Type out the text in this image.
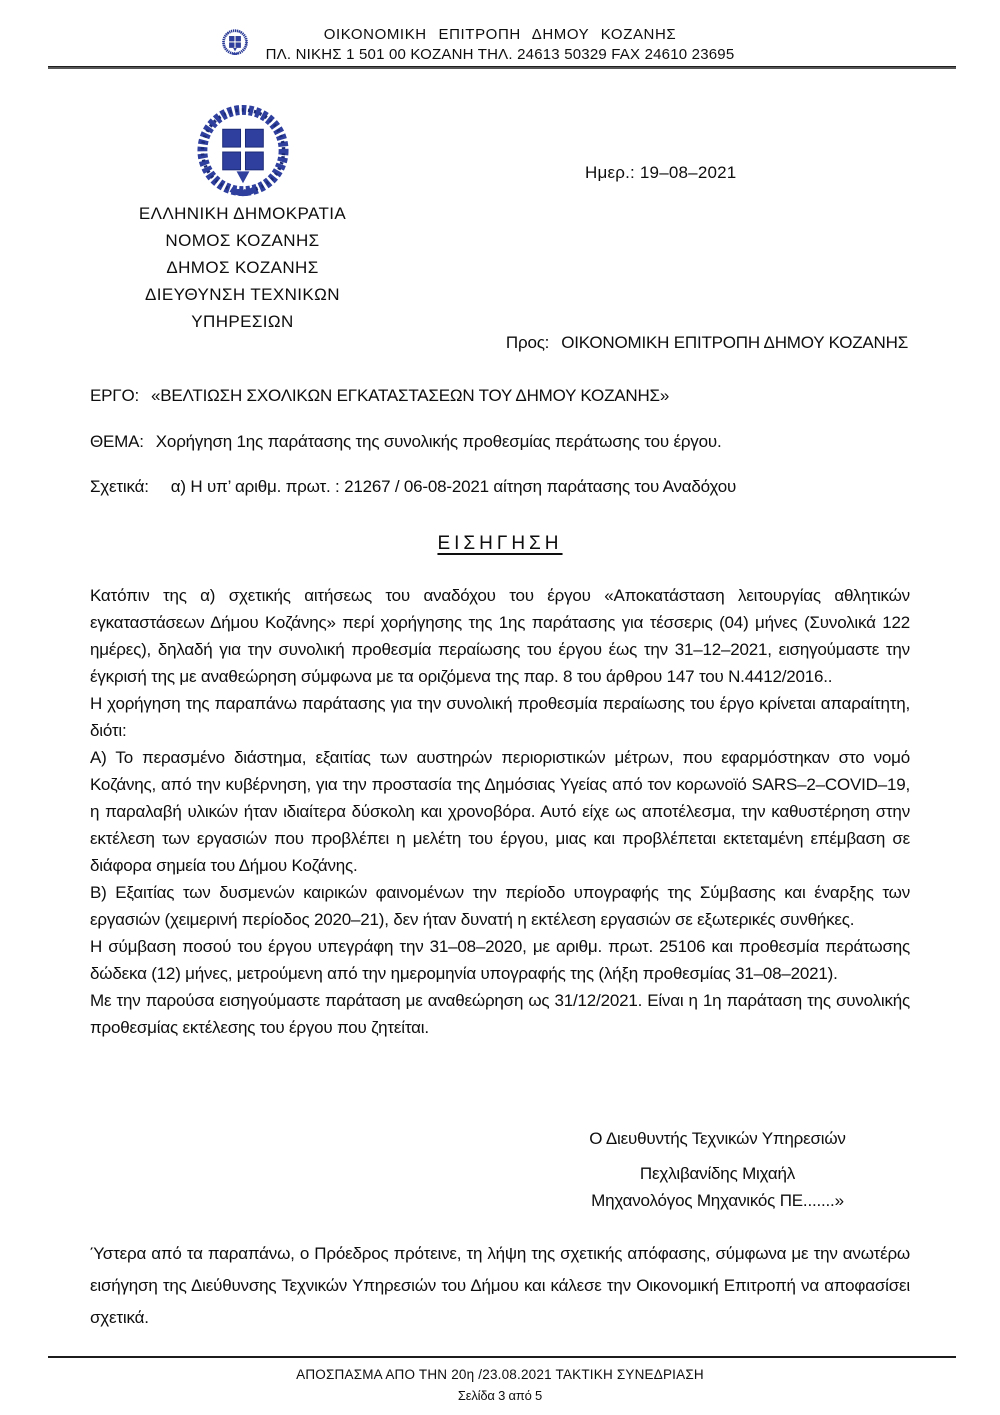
ΟΙΚΟΝΟΜΙΚΗ ΕΠΙΤΡΟΠΗ ΔΗΜΟΥ ΚΟΖΑΝΗΣ
ΠΛ. ΝΙΚΗΣ 1 501 00 ΚΟΖΑΝΗ ΤΗΛ. 24613 50329 FAX 24610 23695
Ημερ.: 19–08–2021
ΕΛΛΗΝΙΚΗ ΔΗΜΟΚΡΑΤΙΑ
ΝΟΜΟΣ ΚΟΖΑΝΗΣ
ΔΗΜΟΣ ΚΟΖΑΝΗΣ
ΔΙΕΥΘΥΝΣΗ ΤΕΧΝΙΚΩΝ
ΥΠΗΡΕΣΙΩΝ
Προς: ΟΙΚΟΝΟΜΙΚΗ ΕΠΙΤΡΟΠΗ ΔΗΜΟΥ ΚΟΖΑΝΗΣ
ΕΡΓΟ: «ΒΕΛΤΙΩΣΗ ΣΧΟΛΙΚΩΝ ΕΓΚΑΤΑΣΤΑΣΕΩΝ ΤΟΥ ΔΗΜΟΥ ΚΟΖΑΝΗΣ»
ΘΕΜΑ: Χορήγηση 1ης παράτασης της συνολικής προθεσμίας περάτωσης του έργου.
Σχετικά: α) Η υπ’ αριθμ. πρωτ. : 21267 / 06-08-2021 αίτηση παράτασης του Αναδόχου
ΕΙΣΗΓΗΣΗ

Κατόπιν της α) σχετικής αιτήσεως του αναδόχου του έργου «Αποκατάσταση λειτουργίας αθλητικών εγκαταστάσεων Δήμου Κοζάνης» περί χορήγησης της 1ης παράτασης για τέσσερις (04) μήνες (Συνολικά 122 ημέρες), δηλαδή για την συνολική προθεσμία περαίωσης του έργου έως την 31–12–2021, εισηγούμαστε την έγκρισή της με αναθεώρηση σύμφωνα με τα οριζόμενα της παρ. 8 του άρθρου 147 του Ν.4412/2016..

Η χορήγηση της παραπάνω παράτασης για την συνολική προθεσμία περαίωσης του έργο κρίνεται απαραίτητη, διότι:

Α) Το περασμένο διάστημα, εξαιτίας των αυστηρών περιοριστικών μέτρων, που εφαρμόστηκαν στο νομό Κοζάνης, από την κυβέρνηση, για την προστασία της Δημόσιας Υγείας από τον κορωνοϊό SARS–2–COVID–19, η παραλαβή υλικών ήταν ιδιαίτερα δύσκολη και χρονοβόρα. Αυτό είχε ως αποτέλεσμα, την καθυστέρηση στην εκτέλεση των εργασιών που προβλέπει η μελέτη του έργου, μιας και προβλέπεται εκτεταμένη επέμβαση σε διάφορα σημεία του Δήμου Κοζάνης.

Β) Εξαιτίας των δυσμενών καιρικών φαινομένων την περίοδο υπογραφής της Σύμβασης και έναρξης των εργασιών (χειμερινή περίοδος 2020–21), δεν ήταν δυνατή η εκτέλεση εργασιών σε εξωτερικές συνθήκες.

Η σύμβαση ποσού του έργου υπεγράφη την 31–08–2020, με αριθμ. πρωτ. 25106 και προθεσμία περάτωσης δώδεκα (12) μήνες, μετρούμενη από την ημερομηνία υπογραφής της (λήξη προθεσμίας 31–08–2021).

Με την παρούσα εισηγούμαστε παράταση με αναθεώρηση ως 31/12/2021. Είναι η 1η παράταση της συνολικής προθεσμίας εκτέλεσης του έργου που ζητείται.

Ο Διευθυντής Τεχνικών Υπηρεσιών
Πεχλιβανίδης Μιχαήλ
Μηχανολόγος Μηχανικός ΠΕ.......»
Ύστερα από τα παραπάνω, ο Πρόεδρος πρότεινε, τη λήψη της σχετικής απόφασης, σύμφωνα με την ανωτέρω εισήγηση της Διεύθυνσης Τεχνικών Υπηρεσιών του Δήμου και κάλεσε την Οικονομική Επιτροπή να αποφασίσει σχετικά.
ΑΠΟΣΠΑΣΜΑ ΑΠΟ ΤΗΝ 20η /23.08.2021 ΤΑΚΤΙΚΗ ΣΥΝΕΔΡΙΑΣΗ
Σελίδα 3 από 5
